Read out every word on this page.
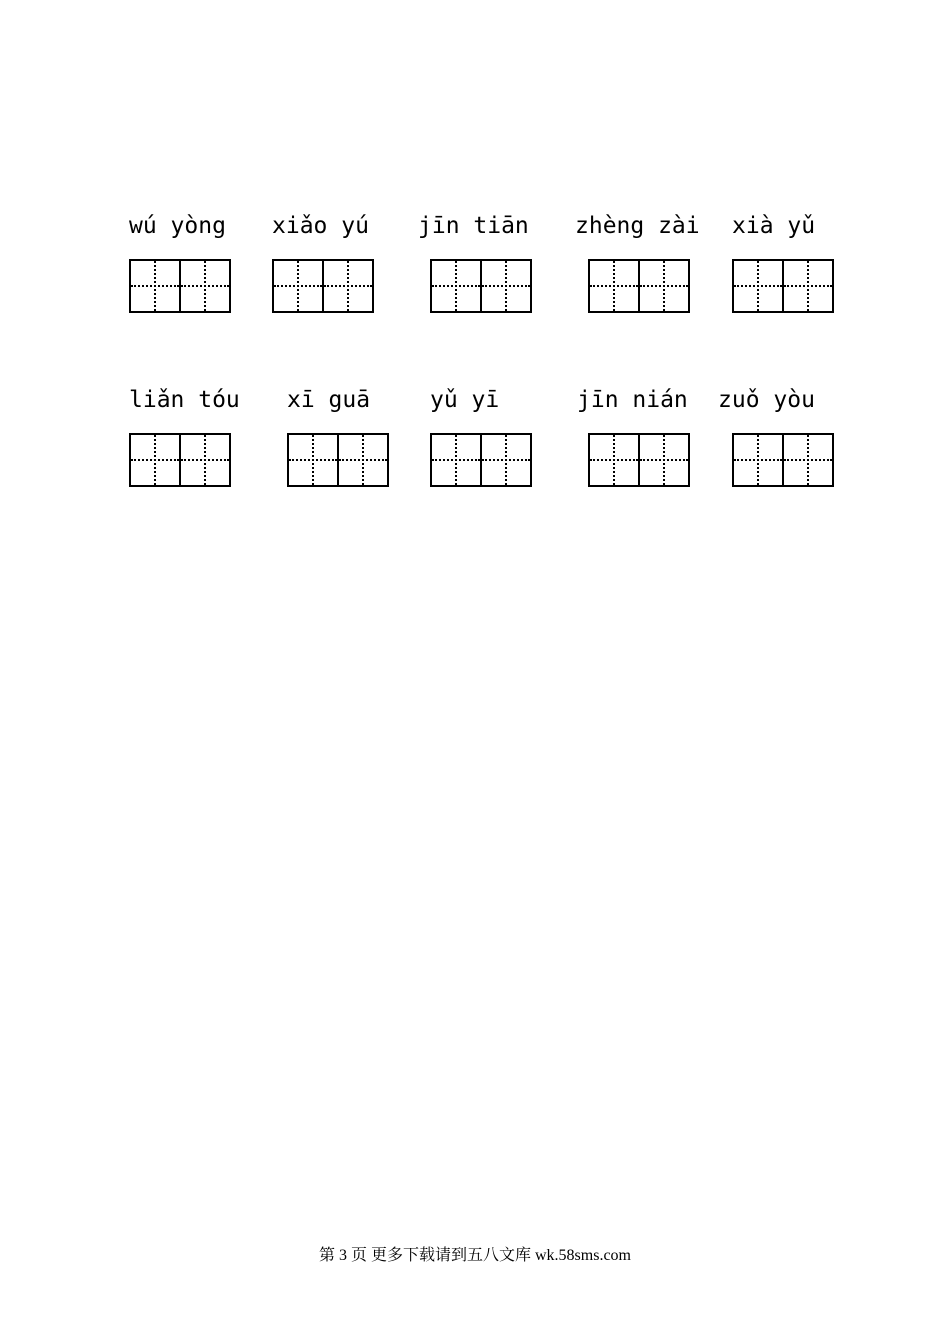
wú yòng xiǎo yú jīn tiān zhèng zài xià yǔ
liǎn tóu xī guā	yǔ yī	jīn nián zuǒ yòu
第 3 页 更多下载请到五八文库 wk.58sms.com
